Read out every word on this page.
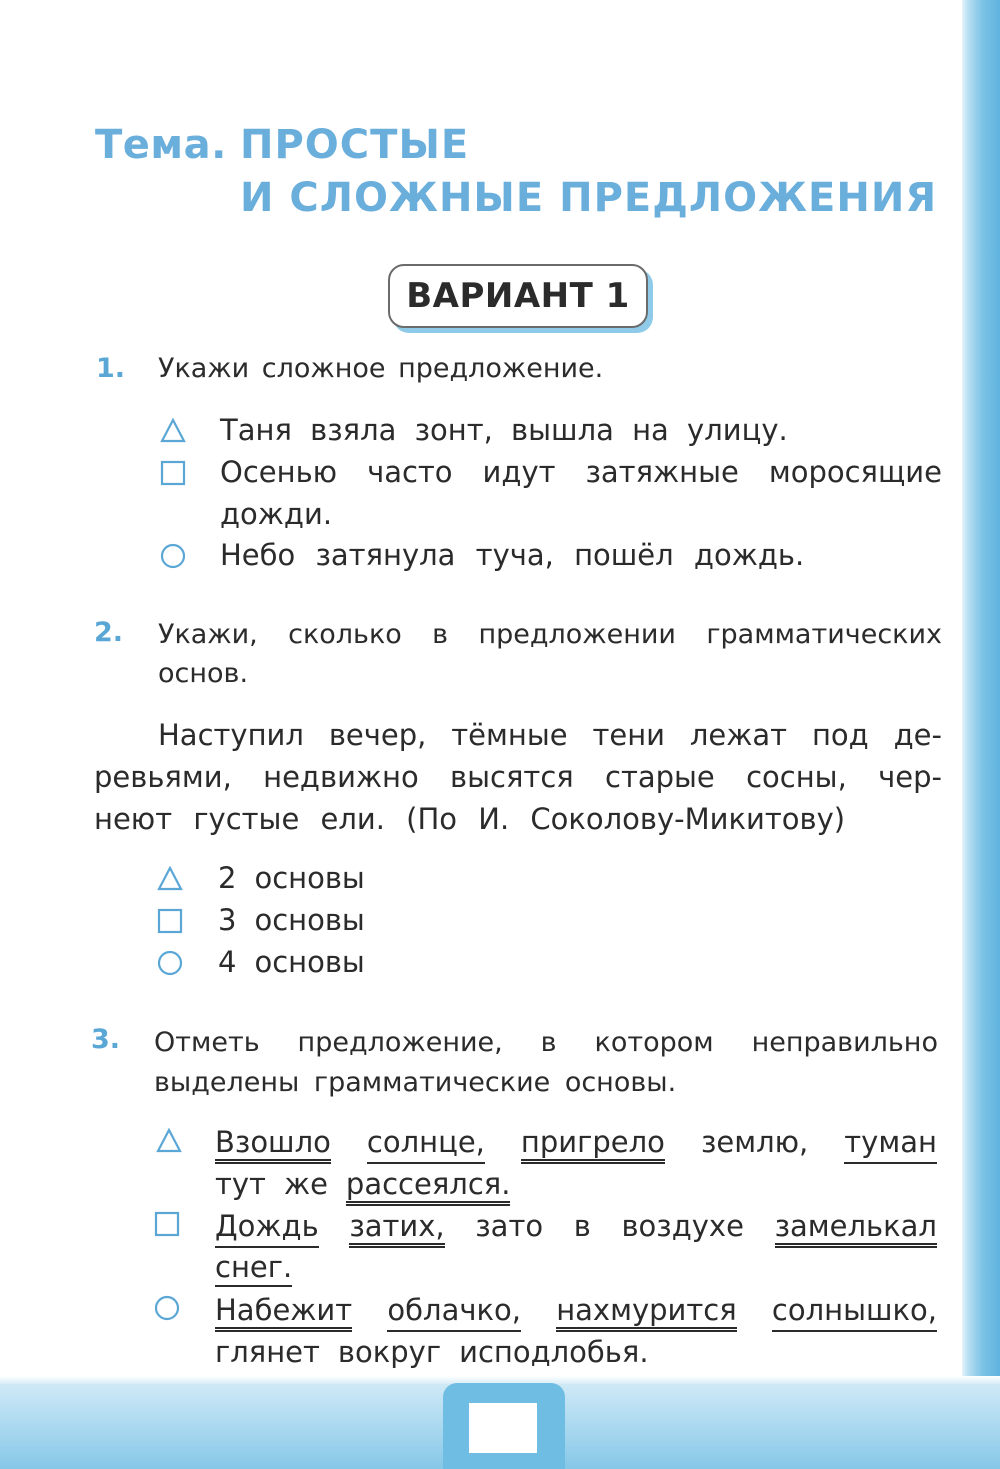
Тема. ПРОСТЫЕ
И СЛОЖНЫЕ ПРЕДЛОЖЕНИЯ
ВАРИАНТ 1
1. Укажи сложное предложение.
Таня взяла зонт, вышла на улицу.
Осенью часто идут затяжные моросящие
дожди.
Небо затянула туча, пошёл дождь.
2. Укажи, сколько в предложении грамматических
основ.
Наступил вечер, тёмные тени лежат под де-
ревьями, недвижно высятся старые сосны, чер-
неют густые ели. (По И. Соколову-Микитову)
2 основы
3 основы
4 основы
3. Отметь предложение, в котором неправильно
выделены грамматические основы.
Взошло солнце, пригрело землю, туман
тут же рассеялся.
Дождь затих, зато в воздухе замелькал
снег.
Набежит облачко, нахмурится солнышко,
глянет вокруг исподлобья.
